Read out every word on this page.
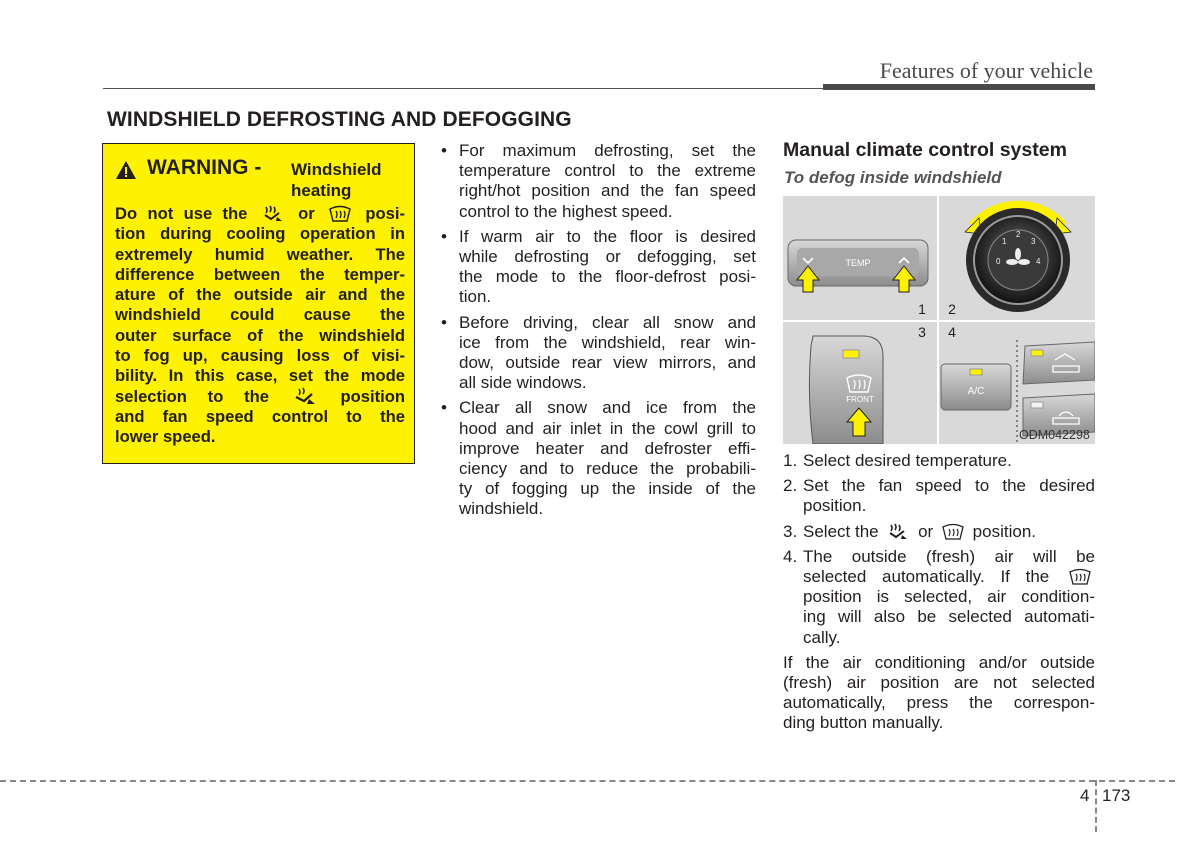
Features of your vehicle
WINDSHIELD DEFROSTING AND DEFOGGING
WARNING - Windshield
heating

Do not use the	or	posi-

tion during cooling operation in

extremely humid weather. The

difference between the temper-

ature of the outside air and the

windshield could cause the

outer surface of the windshield

to fog up, causing loss of visi-

bility. In this case, set the mode

selection to the	position

and fan speed control to the

lower speed.

• For maximum defrosting, set the
temperature control to the extreme
right/hot position and the fan speed
control to the highest speed.
• If warm air to the floor is desired
while defrosting or defogging, set
the mode to the floor-defrost posi-
tion.
• Before driving, clear all snow and
ice from the windshield, rear win-
dow, outside rear view mirrors, and
all side windows.
• Clear all snow and ice from the
hood and air inlet in the cowl grill to
improve heater and defroster effi-
ciency and to reduce the probabili-
ty of fogging up the inside of the
windshield.
Manual climate control system
To defog inside windshield
TEMP
1 2
3 4
0
1
2
3
4
FRONT
A/C
ODM042298
1. Select desired temperature.
2. Set the fan speed to the desired
position.
3. Select the or position.
4. The outside (fresh) air will be
selected automatically. If the
position is selected, air condition-
ing will also be selected automati-
cally.
If the air conditioning and/or outside
(fresh) air position are not selected
automatically, press the correspon-
ding button manually.
4 173
